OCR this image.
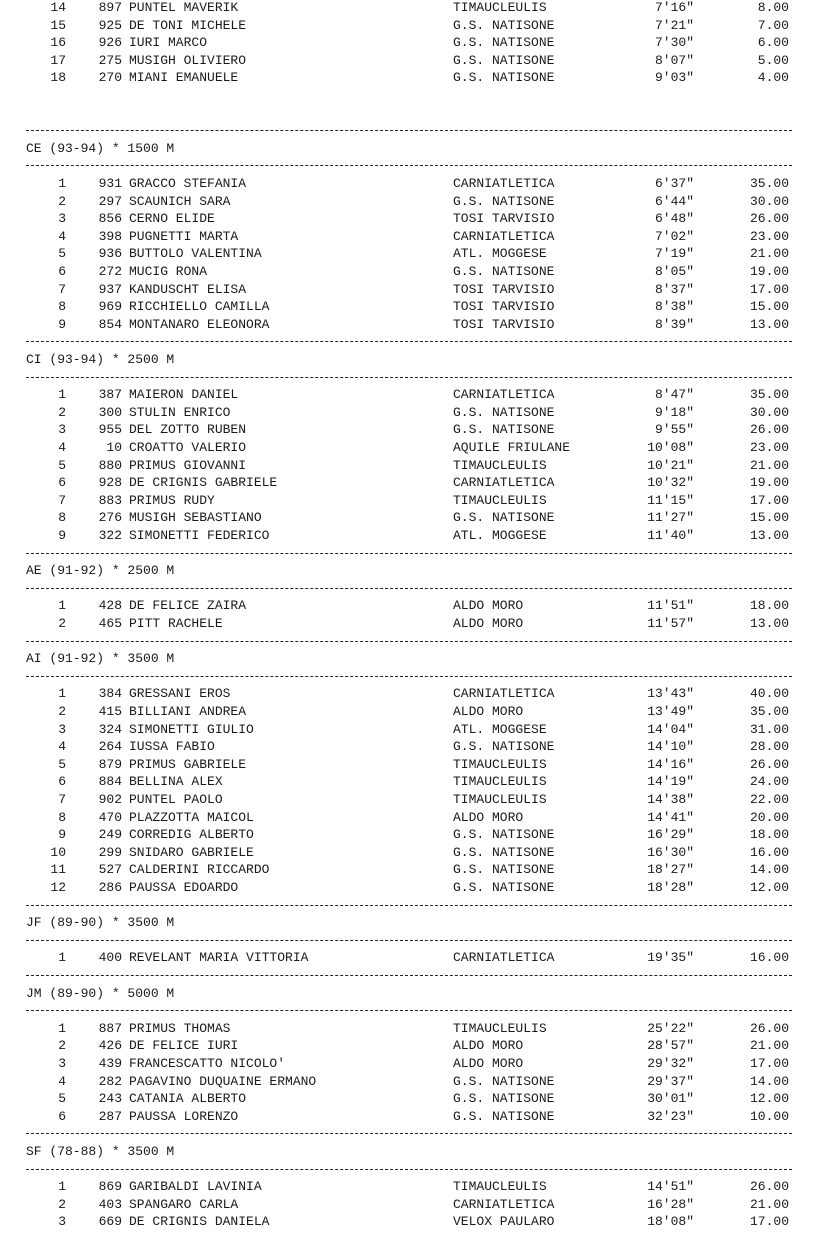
14	897 PUNTEL MAVERIK	TIMAUCLEULIS	7'16"	8.00
15	925 DE TONI MICHELE	G.S. NATISONE	7'21"	7.00
16	926 IURI MARCO	G.S. NATISONE	7'30"	6.00
17	275 MUSIGH OLIVIERO	G.S. NATISONE	8'07"	5.00
18	270 MIANI EMANUELE	G.S. NATISONE	9'03"	4.00
CE (93-94) * 1500 M
1	931 GRACCO STEFANIA	CARNIATLETICA	6'37"	35.00
2	297 SCAUNICH SARA	G.S. NATISONE	6'44"	30.00
3	856 CERNO ELIDE	TOSI TARVISIO	6'48"	26.00
4	398 PUGNETTI MARTA	CARNIATLETICA	7'02"	23.00
5	936 BUTTOLO VALENTINA	ATL. MOGGESE	7'19"	21.00
6	272 MUCIG RONA	G.S. NATISONE	8'05"	19.00
7	937 KANDUSCHT ELISA	TOSI TARVISIO	8'37"	17.00
8	969 RICCHIELLO CAMILLA	TOSI TARVISIO	8'38"	15.00
9	854 MONTANARO ELEONORA	TOSI TARVISIO	8'39"	13.00
CI (93-94) * 2500 M
1	387 MAIERON DANIEL	CARNIATLETICA	8'47"	35.00
2	300 STULIN ENRICO	G.S. NATISONE	9'18"	30.00
3	955 DEL ZOTTO RUBEN	G.S. NATISONE	9'55"	26.00
4	10 CROATTO VALERIO	AQUILE FRIULANE	10'08"	23.00
5	880 PRIMUS GIOVANNI	TIMAUCLEULIS	10'21"	21.00
6	928 DE CRIGNIS GABRIELE	CARNIATLETICA	10'32"	19.00
7	883 PRIMUS RUDY	TIMAUCLEULIS	11'15"	17.00
8	276 MUSIGH SEBASTIANO	G.S. NATISONE	11'27"	15.00
9	322 SIMONETTI FEDERICO	ATL. MOGGESE	11'40"	13.00
AE (91-92) * 2500 M
1	428 DE FELICE ZAIRA	ALDO MORO	11'51"	18.00
2	465 PITT RACHELE	ALDO MORO	11'57"	13.00
AI (91-92) * 3500 M
1	384 GRESSANI EROS	CARNIATLETICA	13'43"	40.00
2	415 BILLIANI ANDREA	ALDO MORO	13'49"	35.00
3	324 SIMONETTI GIULIO	ATL. MOGGESE	14'04"	31.00
4	264 IUSSA FABIO	G.S. NATISONE	14'10"	28.00
5	879 PRIMUS GABRIELE	TIMAUCLEULIS	14'16"	26.00
6	884 BELLINA ALEX	TIMAUCLEULIS	14'19"	24.00
7	902 PUNTEL PAOLO	TIMAUCLEULIS	14'38"	22.00
8	470 PLAZZOTTA MAICOL	ALDO MORO	14'41"	20.00
9	249 CORREDIG ALBERTO	G.S. NATISONE	16'29"	18.00
10	299 SNIDARO GABRIELE	G.S. NATISONE	16'30"	16.00
11	527 CALDERINI RICCARDO	G.S. NATISONE	18'27"	14.00
12	286 PAUSSA EDOARDO	G.S. NATISONE	18'28"	12.00
JF (89-90) * 3500 M
1	400 REVELANT MARIA VITTORIA	CARNIATLETICA	19'35"	16.00
JM (89-90) * 5000 M
1	887 PRIMUS THOMAS	TIMAUCLEULIS	25'22"	26.00
2	426 DE FELICE IURI	ALDO MORO	28'57"	21.00
3	439 FRANCESCATTO NICOLO'	ALDO MORO	29'32"	17.00
4	282 PAGAVINO DUQUAINE ERMANO	G.S. NATISONE	29'37"	14.00
5	243 CATANIA ALBERTO	G.S. NATISONE	30'01"	12.00
6	287 PAUSSA LORENZO	G.S. NATISONE	32'23"	10.00
SF (78-88) * 3500 M
1	869 GARIBALDI LAVINIA	TIMAUCLEULIS	14'51"	26.00
2	403 SPANGARO CARLA	CARNIATLETICA	16'28"	21.00
3	669 DE CRIGNIS DANIELA	VELOX PAULARO	18'08"	17.00
